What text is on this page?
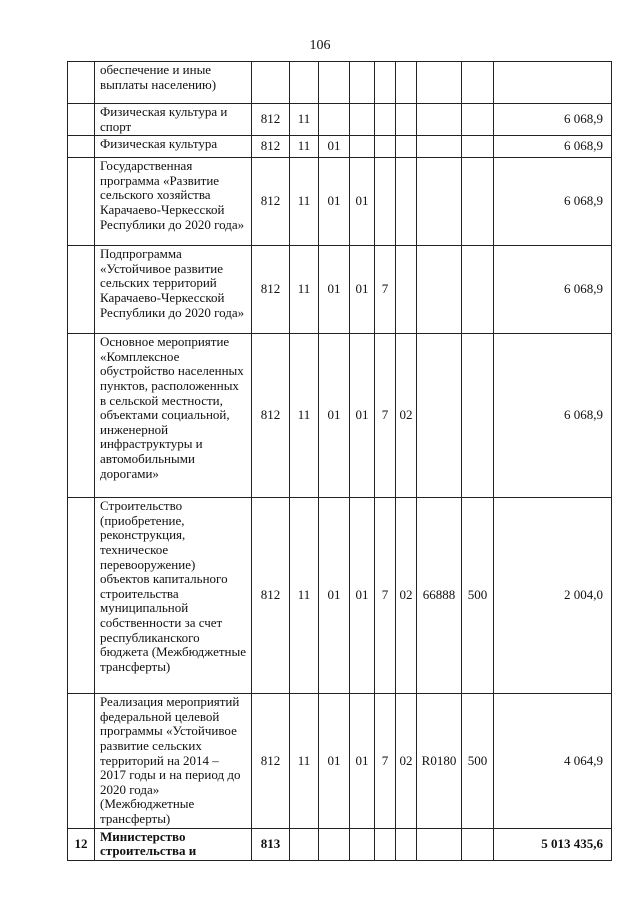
106
	обеспечение и иные выплаты населению)									
	Физическая культура и спорт	812	11							6 068,9
	Физическая культура	812	11	01						6 068,9
	Государственная программа «Развитие сельского хозяйства Карачаево-Черкесской Республики до 2020 года»	812	11	01	01					6 068,9
	Подпрограмма «Устойчивое развитие сельских территорий Карачаево-Черкесской Республики до 2020 года»	812	11	01	01	7				6 068,9
	Основное мероприятие «Комплексное обустройство населенных пунктов, расположенных в сельской местности, объектами социальной, инженерной инфраструктуры и автомобильными дорогами»	812	11	01	01	7	02			6 068,9
	Строительство (приобретение, реконструкция, техническое перевооружение) объектов капитального строительства муниципальной собственности за счет республиканского бюджета (Межбюджетные трансферты)	812	11	01	01	7	02	66888	500	2 004,0
	Реализация мероприятий федеральной целевой программы «Устойчивое развитие сельских территорий на 2014 – 2017 годы и на период до 2020 года» (Межбюджетные трансферты)	812	11	01	01	7	02	R0180	500	4 064,9
12	Министерство строительства и	813								5 013 435,6
